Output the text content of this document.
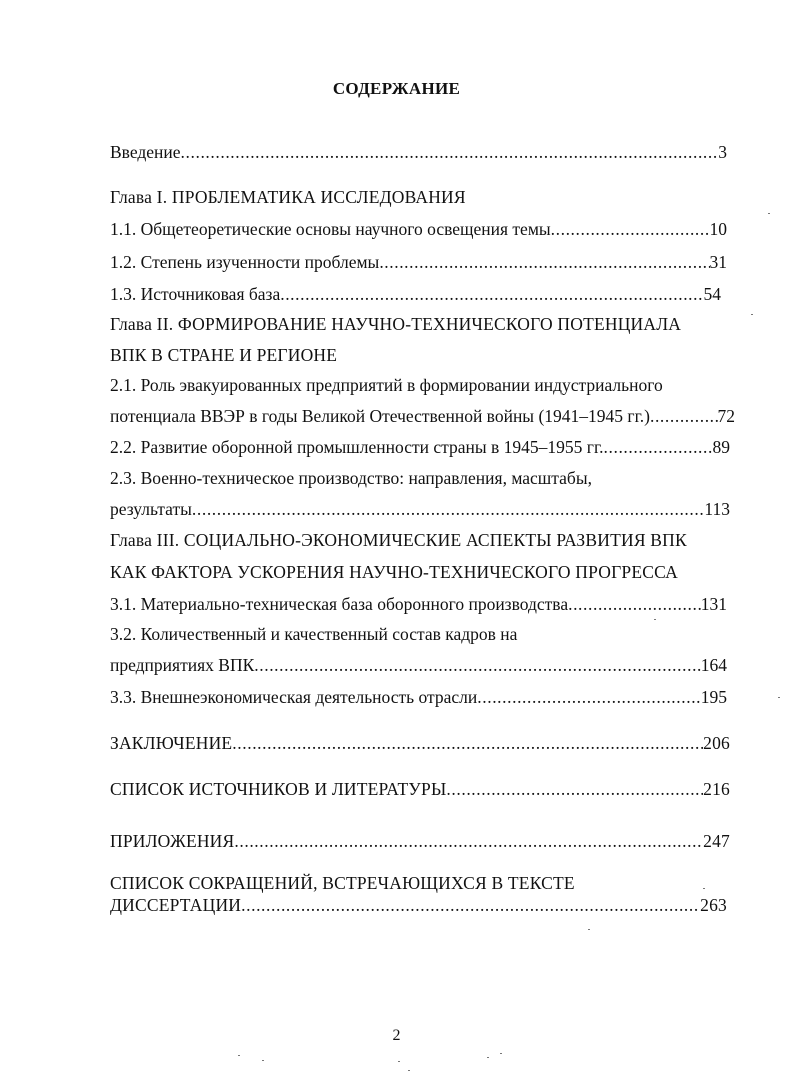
СОДЕРЖАНИЕ
Введение .....	3
Глава I. ПРОБЛЕМАТИКА ИССЛЕДОВАНИЯ
1.1. Общетеоретические основы научного освещения темы .....	10
1.2. Степень изученности проблемы .....	31
1.3. Источниковая база .....	54
Глава II. ФОРМИРОВАНИЕ НАУЧНО-ТЕХНИЧЕСКОГО ПОТЕНЦИАЛА
ВПК В СТРАНЕ И РЕГИОНЕ
2.1. Роль эвакуированных предприятий в формировании индустриального
потенциала ВВЭР в годы Великой Отечественной войны (1941–1945 гг.) .....	72
2.2. Развитие оборонной промышленности страны в 1945–1955 гг. .....	89
2.3. Военно-техническое производство: направления, масштабы,
результаты .....	113
Глава III. СОЦИАЛЬНО-ЭКОНОМИЧЕСКИЕ АСПЕКТЫ РАЗВИТИЯ ВПК
КАК ФАКТОРА УСКОРЕНИЯ НАУЧНО-ТЕХНИЧЕСКОГО ПРОГРЕССА
3.1. Материально-техническая база оборонного производства .....	131
3.2. Количественный и качественный состав кадров на
предприятиях ВПК .....	164
3.3. Внешнеэкономическая деятельность отрасли .....	195
ЗАКЛЮЧЕНИЕ .....	206
СПИСОК ИСТОЧНИКОВ И ЛИТЕРАТУРЫ .....	216
ПРИЛОЖЕНИЯ .....	247
СПИСОК СОКРАЩЕНИЙ, ВСТРЕЧАЮЩИХСЯ В ТЕКСТЕ
ДИССЕРТАЦИИ .....	263
2
